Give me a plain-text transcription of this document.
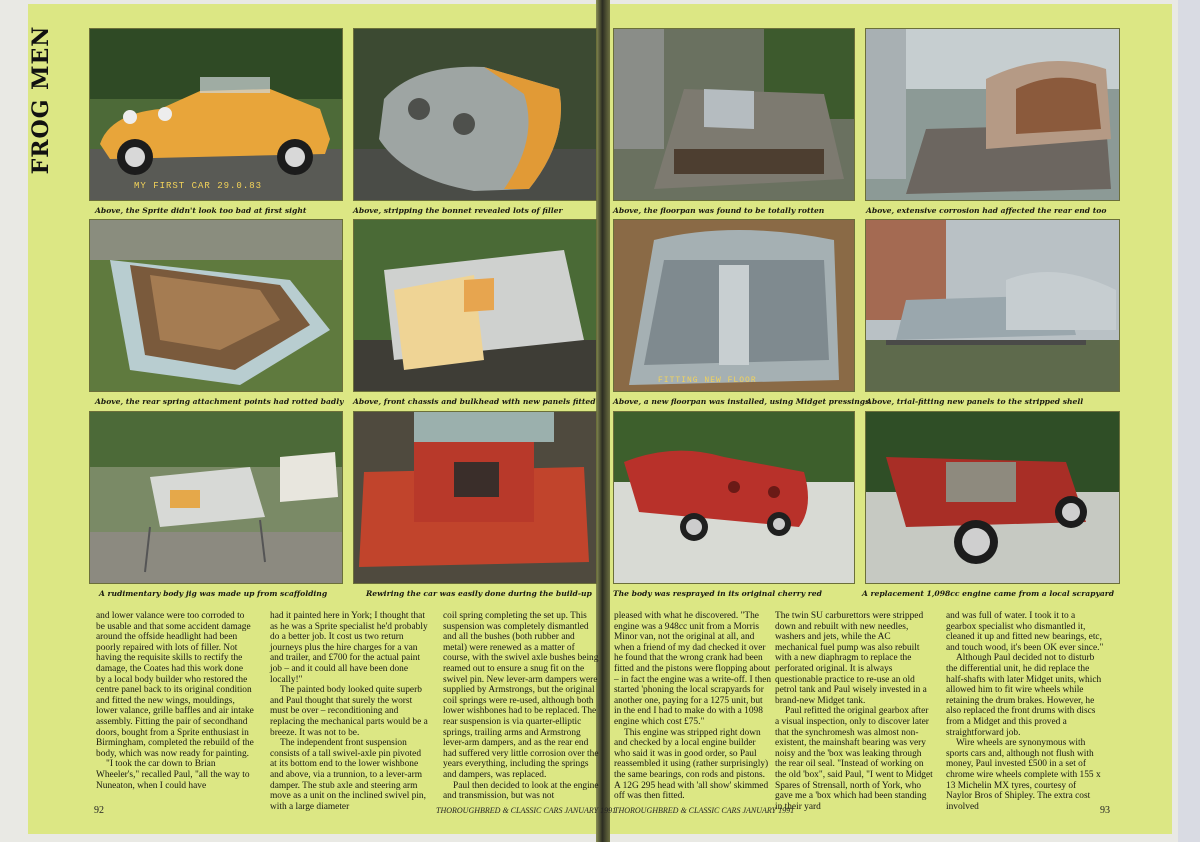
FROG MEN
MY FIRST CAR 29.0.83
Above, the Sprite didn't look too bad at first sight	Above, stripping the bonnet revealed lots of filler	Above, the floorpan was found to be totally rotten	Above, extensive corrosion had affected the rear end too
FITTING NEW FLOOR
Above, the rear spring attachment points had rotted badly Above, front chassis and bulkhead with new panels fitted Above, a new floorpan was installed, using Midget pressings
Above, trial-fitting new panels to the stripped shell
A rudimentary body jig was made up from scaffolding	Rewiring the car was easily done during the build-up	The body was resprayed in its original cherry red	A replacement 1,098cc engine came from a local scrapyard

and lower valance were too corroded to be usable and that some accident damage around the offside headlight had been poorly repaired with lots of filler. Not having the requisite skills to rectify the damage, the Coates had this work done by a local body builder who restored the centre panel back to its original condition and fitted the new wings, mouldings, lower valance, grille baffles and air intake assembly. Fitting the pair of secondhand doors, bought from a Sprite enthusiast in Birmingham, completed the rebuild of the body, which was now ready for painting.

"I took the car down to Brian Wheeler's," recalled Paul, "all the way to Nuneaton, when I could have

had it painted here in York; I thought that as he was a Sprite specialist he'd probably do a better job. It cost us two return journeys plus the hire charges for a van and trailer, and £700 for the actual paint job – and it could all have been done locally!"

The painted body looked quite superb and Paul thought that surely the worst must be over – reconditioning and replacing the mechanical parts would be a breeze. It was not to be.

The independent front suspension consists of a tall swivel-axle pin pivoted at its bottom end to the lower wishbone and above, via a trunnion, to a lever-arm damper. The stub axle and steering arm move as a unit on the inclined swivel pin, with a large diameter

coil spring completing the set up. This suspension was completely dismantled and all the bushes (both rubber and metal) were renewed as a matter of course, with the swivel axle bushes being reamed out to ensure a snug fit on the swivel pin. New lever-arm dampers were supplied by Armstrongs, but the original coil springs were re-used, although both lower wishbones had to be replaced. The rear suspension is via quarter-elliptic springs, trailing arms and Armstrong lever-arm dampers, and as the rear end had suffered very little corrosion over the years everything, including the springs and dampers, was replaced.

Paul then decided to look at the engine and transmission, but was not

pleased with what he discovered. "The engine was a 948cc unit from a Morris Minor van, not the original at all, and when a friend of my dad checked it over he found that the wrong crank had been fitted and the pistons were flopping about – in fact the engine was a write-off. I then started 'phoning the local scrapyards for another one, paying for a 1275 unit, but in the end I had to make do with a 1098 engine which cost £75."

This engine was stripped right down and checked by a local engine builder who said it was in good order, so Paul reassembled it using (rather surprisingly) the same bearings, con rods and pistons. A 12G 295 head with 'all show' skimmed off was then fitted.

The twin SU carburettors were stripped down and rebuilt with new needles, washers and jets, while the AC mechanical fuel pump was also rebuilt with a new diaphragm to replace the perforated original. It is always questionable practice to re-use an old petrol tank and Paul wisely invested in a brand-new Midget tank.

Paul refitted the original gearbox after a visual inspection, only to discover later that the synchromesh was almost non-existent, the mainshaft bearing was very noisy and the 'box was leaking through the rear oil seal. "Instead of working on the old 'box", said Paul, "I went to Midget Spares of Strensall, north of York, who gave me a 'box which had been standing in their yard

and was full of water. I took it to a gearbox specialist who dismantled it, cleaned it up and fitted new bearings, etc, and touch wood, it's been OK ever since."

Although Paul decided not to disturb the differential unit, he did replace the half-shafts with later Midget units, which allowed him to fit wire wheels while retaining the drum brakes. However, he also replaced the front drums with discs from a Midget and this proved a straightforward job.

Wire wheels are synonymous with sports cars and, although not flush with money, Paul invested £500 in a set of chrome wire wheels complete with 155 x 13 Michelin MX tyres, courtesy of Naylor Bros of Shipley. The extra cost involved

92	THOROUGHBRED & CLASSIC CARS JANUARY 1991
THOROUGHBRED & CLASSIC CARS JANUARY 1991	93
